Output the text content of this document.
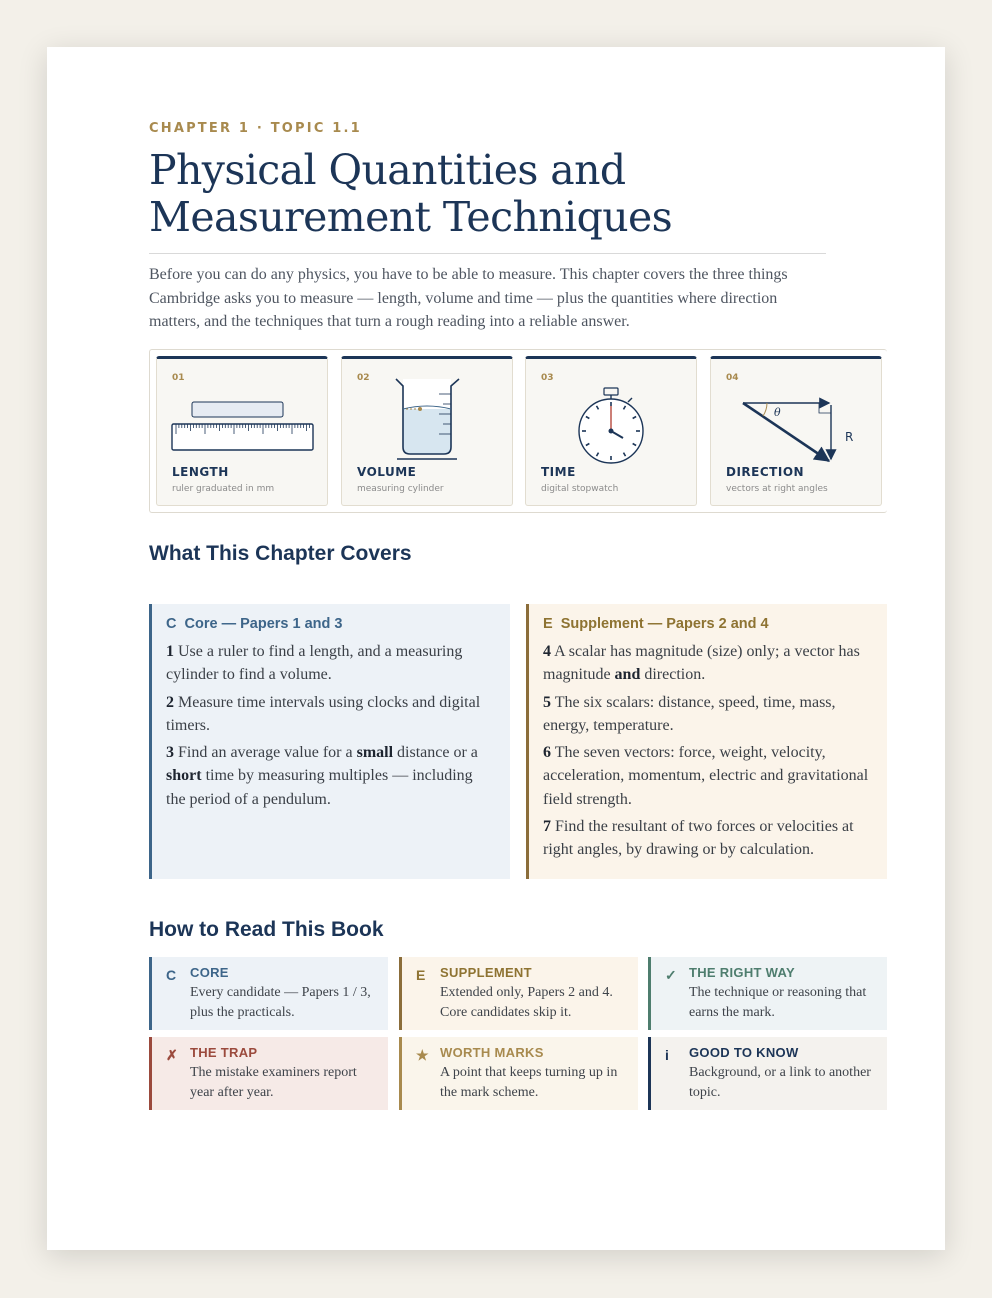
CHAPTER 1 · TOPIC 1.1
Physical Quantities and Measurement Techniques

Before you can do any physics, you have to be able to measure. This chapter covers the three things Cambridge asks you to measure — length, volume and time — plus the quantities where direction matters, and the techniques that turn a rough reading into a reliable answer.

01
LENGTH
ruler graduated in mm
02
VOLUME
measuring cylinder
03
TIME
digital stopwatch
04
θ
R
DIRECTION
vectors at right angles
What This Chapter Covers
C Core — Papers 1 and 3

1 Use a ruler to find a length, and a measuring cylinder to find a volume.

2 Measure time intervals using clocks and digital timers.

3 Find an average value for a small distance or a short time by measuring multiples — including the period of a pendulum.

E Supplement — Papers 2 and 4

4 A scalar has magnitude (size) only; a vector has magnitude and direction.

5 The six scalars: distance, speed, time, mass, energy, temperature.

6 The seven vectors: force, weight, velocity, acceleration, momentum, electric and gravitational field strength.

7 Find the resultant of two forces or velocities at right angles, by drawing or by calculation.

How to Read This Book
C CORE
Every candidate — Papers 1 / 3, plus the practicals.
E SUPPLEMENT
Extended only, Papers 2 and 4. Core candidates skip it.
✓ THE RIGHT WAY
The technique or reasoning that earns the mark.
✗ THE TRAP
The mistake examiners report year after year.
★ WORTH MARKS
A point that keeps turning up in the mark scheme.
i GOOD TO KNOW
Background, or a link to another topic.
